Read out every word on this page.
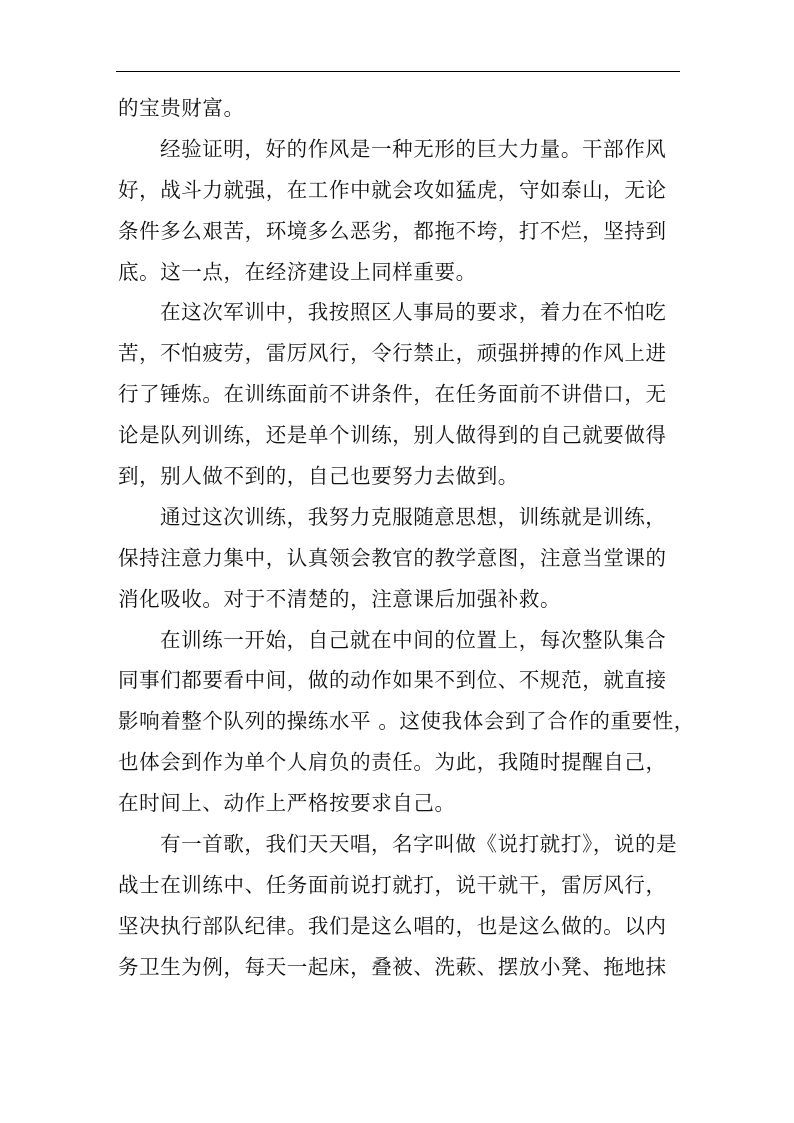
的宝贵财富。
经验证明，好的作风是一种无形的巨大力量。干部作风
好，战斗力就强，在工作中就会攻如猛虎，守如泰山，无论
条件多么艰苦，环境多么恶劣，都拖不垮，打不烂，坚持到
底。这一点，在经济建设上同样重要。
在这次军训中，我按照区人事局的要求，着力在不怕吃
苦，不怕疲劳，雷厉风行，令行禁止，顽强拼搏的作风上进
行了锤炼。在训练面前不讲条件，在任务面前不讲借口，无
论是队列训练，还是单个训练，别人做得到的自己就要做得
到，别人做不到的，自己也要努力去做到。
通过这次训练，我努力克服随意思想，训练就是训练，
保持注意力集中，认真领会教官的教学意图，注意当堂课的
消化吸收。对于不清楚的，注意课后加强补救。
在训练一开始，自己就在中间的位置上，每次整队集合
同事们都要看中间，做的动作如果不到位、不规范，就直接
影响着整个队列的操练水平 。这使我体会到了合作的重要性，
也体会到作为单个人肩负的责任。为此，我随时提醒自己，
在时间上、动作上严格按要求自己。
有一首歌，我们天天唱，名字叫做《说打就打》，说的是
战士在训练中、任务面前说打就打，说干就干，雷厉风行，
坚决执行部队纪律。我们是这么唱的，也是这么做的。以内
务卫生为例，每天一起床，叠被、洗蔌、摆放小凳、拖地抹
